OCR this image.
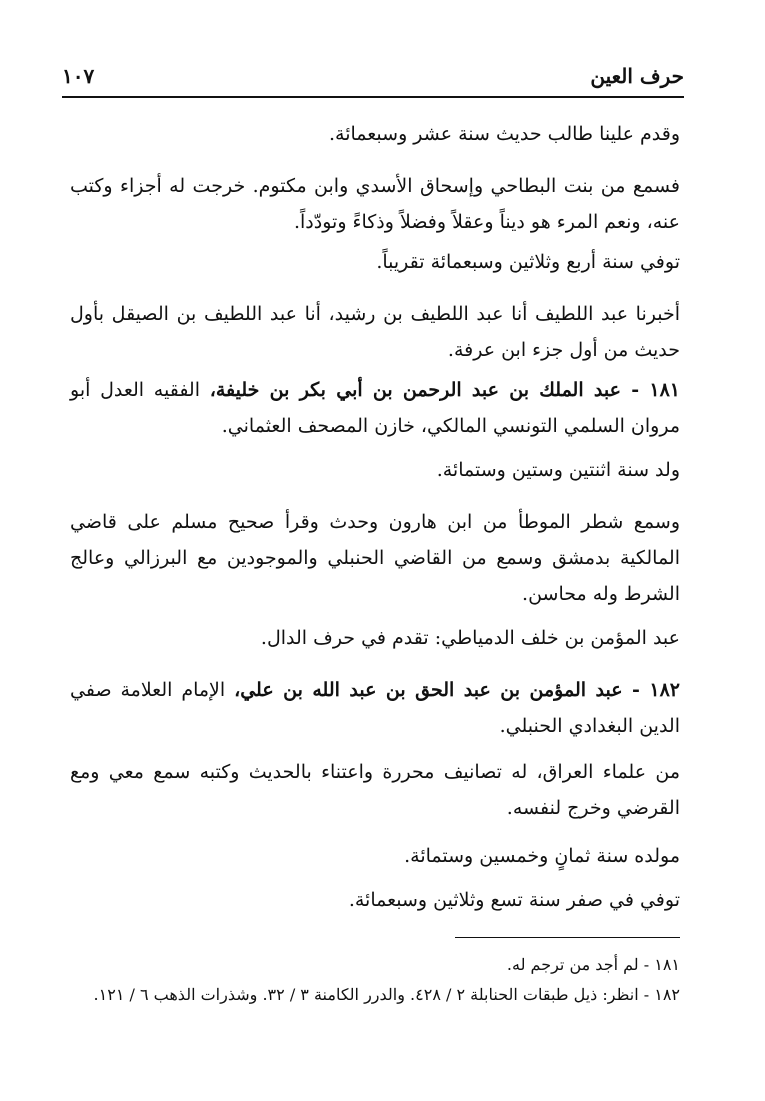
حرف العين
١٠٧

وقدم علينا طالب حديث سنة عشر وسبعمائة.

فسمع من بنت البطاحي وإسحاق الأسدي وابن مكتوم. خرجت له أجزاء وكتب عنه، ونعم المرء هو ديناً وعقلاً وفضلاً وذكاءً وتودّداً.

توفي سنة أربع وثلاثين وسبعمائة تقريباً.

أخبرنا عبد اللطيف أنا عبد اللطيف بن رشيد، أنا عبد اللطيف بن الصيقل بأول حديث من أول جزء ابن عرفة.

١٨١ - عبد الملك بن عبد الرحمن بن أبي بكر بن خليفة، الفقيه العدل أبو مروان السلمي التونسي المالكي، خازن المصحف العثماني.

ولد سنة اثنتين وستين وستمائة.

وسمع شطر الموطأ من ابن هارون وحدث وقرأ صحيح مسلم على قاضي المالكية بدمشق وسمع من القاضي الحنبلي والموجودين مع البرزالي وعالج الشرط وله محاسن.

عبد المؤمن بن خلف الدمياطي: تقدم في حرف الدال.

١٨٢ - عبد المؤمن بن عبد الحق بن عبد الله بن علي، الإمام العلامة صفي الدين البغدادي الحنبلي.

من علماء العراق، له تصانيف محررة واعتناء بالحديث وكتبه سمع معي ومع القرضي وخرج لنفسه.

مولده سنة ثمانٍ وخمسين وستمائة.

توفي في صفر سنة تسع وثلاثين وسبعمائة.

١٨١ - لم أجد من ترجم له.

١٨٢ - انظر: ذيل طبقات الحنابلة ٢ / ٤٢٨. والدرر الكامنة ٣ / ٣٢. وشذرات الذهب ٦ / ١٢١.
